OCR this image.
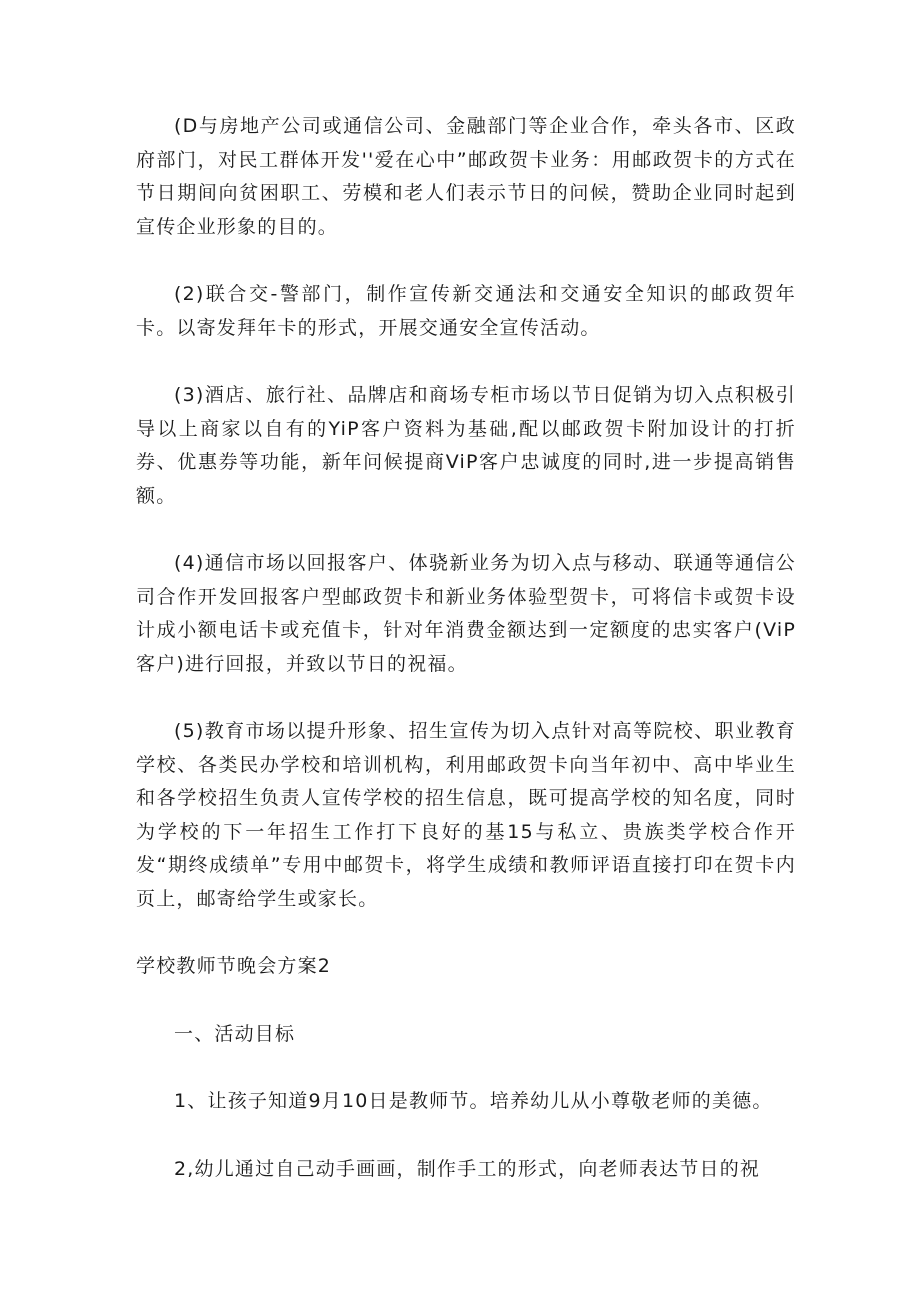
(D与房地产公司或通信公司、金融部门等企业合作，牵头各市、区政府部门，对民工群体开发''爱在心中”邮政贺卡业务：用邮政贺卡的方式在节日期间向贫困职工、劳模和老人们表示节日的问候，赞助企业同时起到宣传企业形象的目的。

(2)联合交-警部门，制作宣传新交通法和交通安全知识的邮政贺年卡。以寄发拜年卡的形式，开展交通安全宣传活动。

(3)酒店、旅行社、品牌店和商场专柜市场以节日促销为切入点积极引导以上商家以自有的YiP客户资料为基础,配以邮政贺卡附加设计的打折券、优惠券等功能，新年问候提商ViP客户忠诚度的同时,进一步提高销售额。

(4)通信市场以回报客户、体骁新业务为切入点与移动、联通等通信公司合作开发回报客户型邮政贺卡和新业务体验型贺卡，可将信卡或贺卡设计成小额电话卡或充值卡，针对年消费金额达到一定额度的忠实客户(ViP客户)进行回报，并致以节日的祝福。

(5)教育市场以提升形象、招生宣传为切入点针对高等院校、职业教育学校、各类民办学校和培训机构，利用邮政贺卡向当年初中、高中毕业生和各学校招生负责人宣传学校的招生信息，既可提高学校的知名度，同时为学校的下一年招生工作打下良好的基15与私立、贵族类学校合作开发“期终成绩单”专用中邮贺卡，将学生成绩和教师评语直接打印在贺卡内页上，邮寄给学生或家长。

学校教师节晚会方案2

一、活动目标

1、让孩子知道9月10日是教师节。培养幼儿从小尊敬老师的美德。

2,幼儿通过自己动手画画，制作手工的形式，向老师表达节日的祝
